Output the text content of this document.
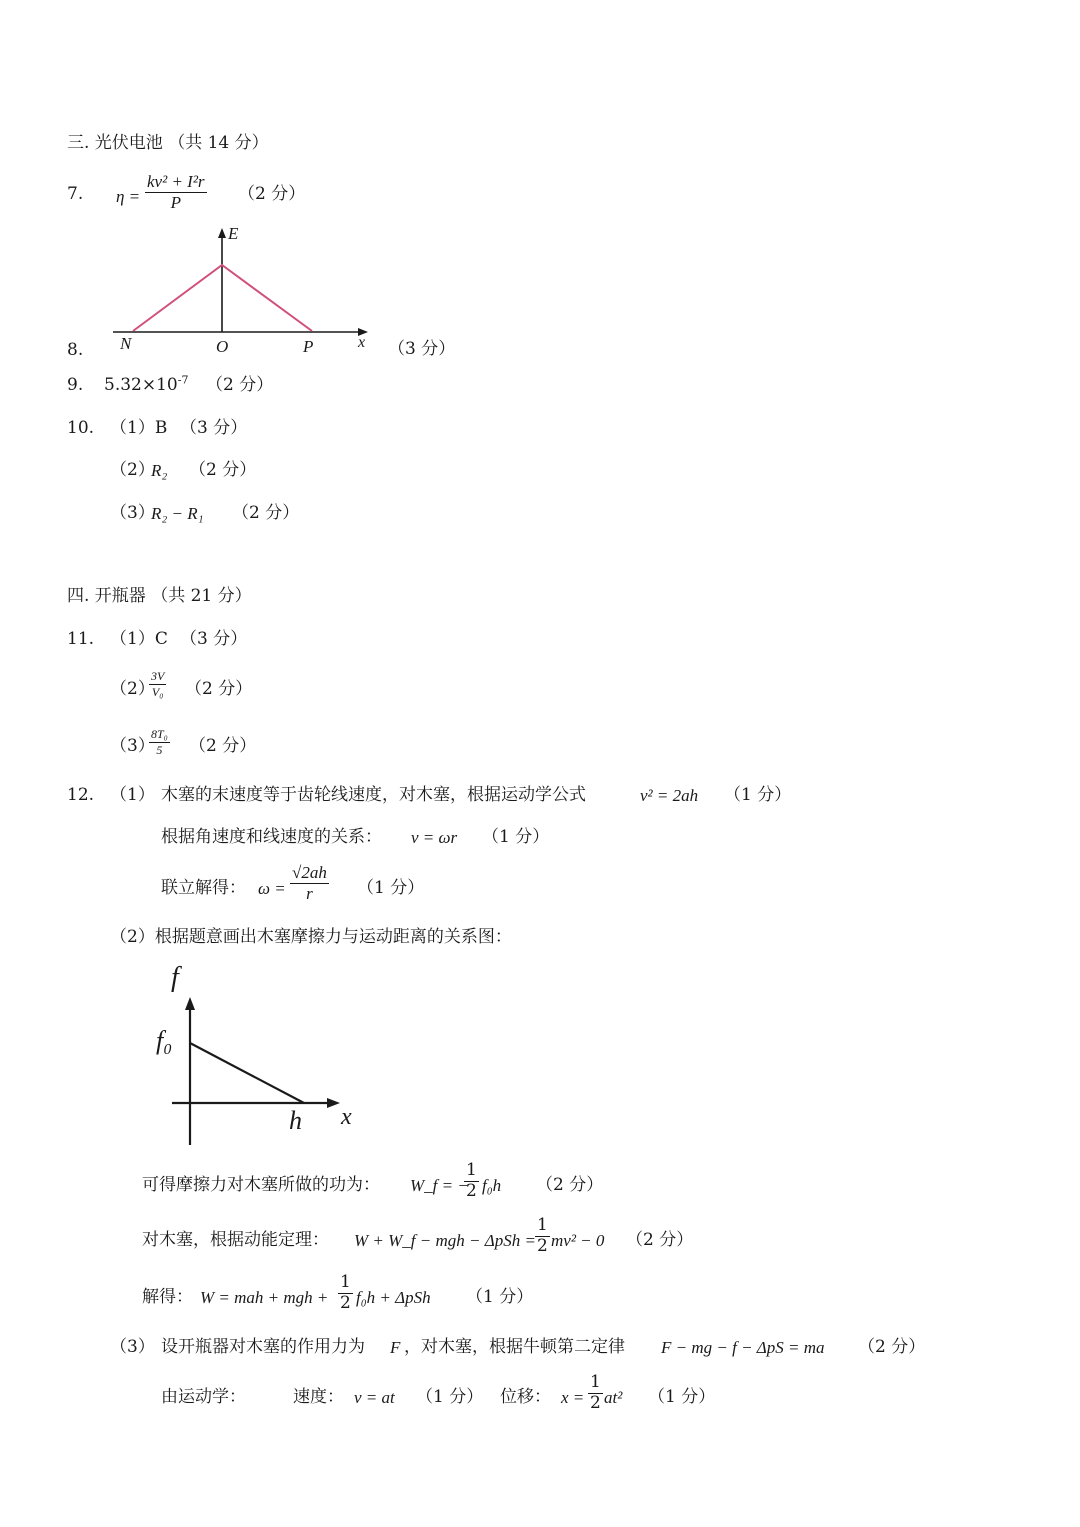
三. 光伏电池 （共 14 分）
7. $\eta = \frac{\text{kv² + I²r}}{P} (2$ 分）
E
N	O	P	x
8.	（3 分）
9. $5.32\times 10^{-7}$ （2 分）
10. （1）B （3 分）
（2）
R₂ （2 分）
（3）
R₂ − R₁ （2 分）
四. 开瓶器 （共 21 分）
11. （1）C （3 分）
（2）
$\frac{3V}{\text{V₀}} (2$ 分）
（3）
$\frac{\text{8T₀}}{5} (2$ 分）
12. （1） 木塞的末速度等于齿轮线速度，对木塞，根据运动学公式	v² = 2ah （1 分）
根据角速度和线速度的关系： v = ωr （1 分）
联立解得： $\omega = \frac{√2ah}{r} (1$ 分）
（2）根据题意画出木塞摩擦力与运动距离的关系图：
f
f₀
h x
可得摩擦力对木塞所做的功为： W_f = −
$\frac{1}{2} f_0h$ （2 分）
对木塞，根据动能定理： W + W_f − mgh − $\Delta pSh = \frac{1}{2} mv^2 - 0$ （2 分）
解得： W = mah + mgh + $\frac{1}{2} f_0h + \Delta pSh$ （1 分）
（3） 设开瓶器对木塞的作用力为 F ，对木塞，根据牛顿第二定律 F − mg − f − ΔpS = ma （2 分）
由运动学：	速度： v = at （1 分） 位移： $x = \frac{1}{2} at^2$ （1 分）
